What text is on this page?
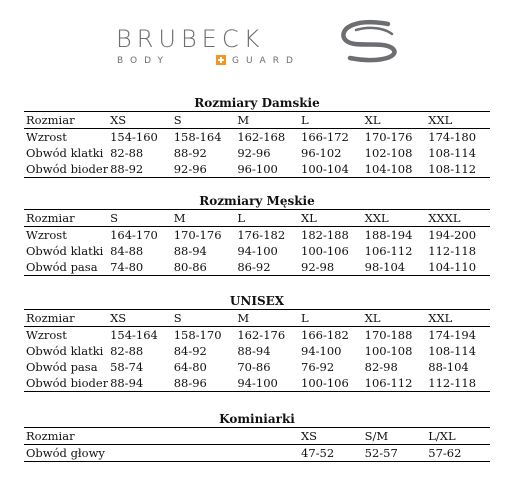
BRUBECK
BODY	GUARD
Rozmiary Damskie
Rozmiar	XS	S	M	L	XL	XXL
Wzrost	154-160	158-164	162-168	166-172	170-176	174-180
Obwód klatki	82-88	88-92	92-96	96-102	102-108	108-114
Obwód bioder	88-92	92-96	96-100	100-104	104-108	108-112
Rozmiary Męskie
Rozmiar	S	M	L	XL	XXL	XXXL
Wzrost	164-170	170-176	176-182	182-188	188-194	194-200
Obwód klatki	84-88	88-94	94-100	100-106	106-112	112-118
Obwód pasa	74-80	80-86	86-92	92-98	98-104	104-110
UNISEX
Rozmiar	XS	S	M	L	XL	XXL
Wzrost	154-164	158-170	162-176	166-182	170-188	174-194
Obwód klatki	82-88	84-92	88-94	94-100	100-108	108-114
Obwód pasa	58-74	64-80	70-86	76-92	82-98	88-104
Obwód bioder	88-94	88-96	94-100	100-106	106-112	112-118
Kominiarki
Rozmiar				XS	S/M	L/XL
Obwód głowy				47-52	52-57	57-62
